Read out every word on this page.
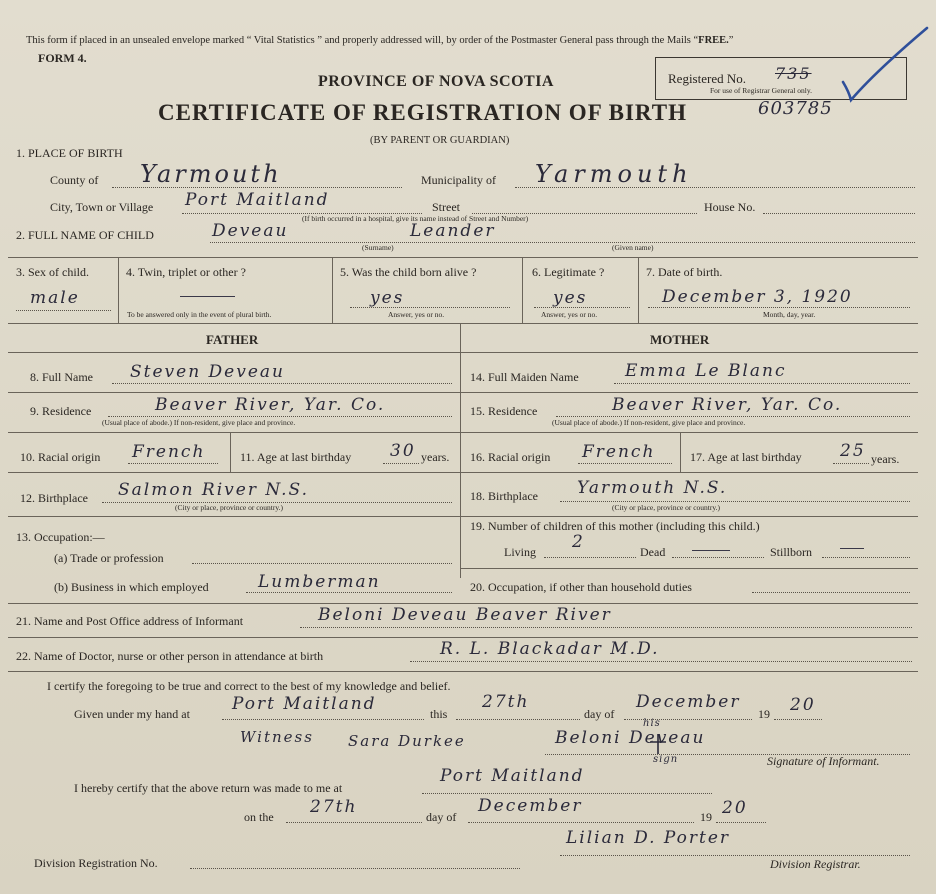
This form if placed in an unsealed envelope marked “ Vital Statistics ” and properly addressed will, by order of the Postmaster General pass through the Mails “FREE.”
FORM 4.
PROVINCE OF NOVA SCOTIA
CERTIFICATE OF REGISTRATION OF BIRTH
(BY PARENT OR GUARDIAN)
Registered No. 735
For use of Registrar General only.
603785
1. PLACE OF BIRTH
County of Yarmouth	Municipality of Yarmouth
City, Town or Village Port Maitland	Street	House No.
(If birth occurred in a hospital, give its name instead of Street and Number)
2. FULL NAME OF CHILD	Deveau	Leander
(Surname)	(Given name)
3. Sex of child.
male
4. Twin, triplet or other ?
To be answered only in the event of plural birth.
5. Was the child born alive ?
yes
Answer, yes or no.
6. Legitimate ?
yes
Answer, yes or no.
7. Date of birth.
December 3, 1920
Month, day, year.
FATHER	MOTHER
8. Full Name Steven Deveau
9. Residence	Beaver River, Yar. Co.
(Usual place of abode.) If non-resident, give place and province.
10. Racial origin French	11. Age at last birthday 30 years.
12. Birthplace Salmon River N.S.
(City or place, province or country.)
13. Occupation:—
(a) Trade or profession
(b) Business in which employed	Lumberman
14. Full Maiden Name	Emma Le Blanc
15. Residence	Beaver River, Yar. Co.
(Usual place of abode.) If non-resident, give place and province.
16. Racial origin French	17. Age at last birthday 25 years.
18. Birthplace Yarmouth N.S.
(City or place, province or country.)
19. Number of children of this mother (including this child.)
Living 2	Dead	Stillborn
20. Occupation, if other than household duties
21. Name and Post Office address of Informant	Beloni Deveau Beaver River
22. Name of Doctor, nurse or other person in attendance at birth	R. L. Blackadar M.D.
I certify the foregoing to be true and correct to the best of my knowledge and belief.
Given under my hand at Port Maitland	this
27th
day of
December
19 20
Witness Sara Durkee	Beloni Deveau
his
sign	Signature of Informant.
I hereby certify that the above return was made to me at
Port Maitland
on the 27th	day of
December
19 20
Lilian D. Porter
Division Registration No.	Division Registrar.
